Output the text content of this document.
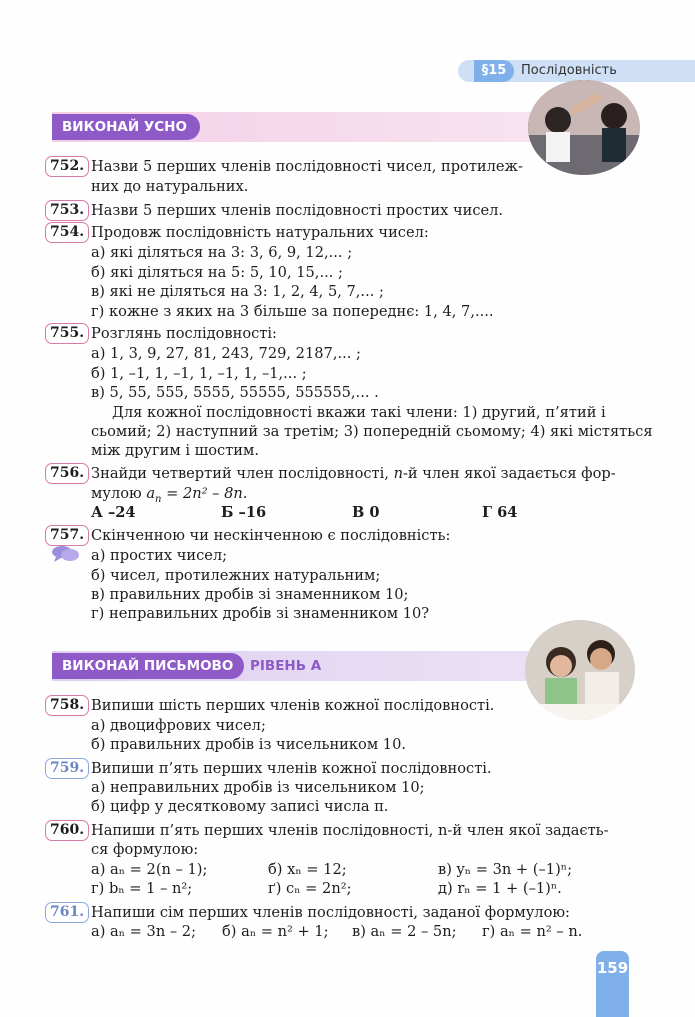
§15	Послідовність
ВИКОНАЙ УСНО
752. Назви 5 перших членів послідовності чисел, протилеж-
них до натуральних.
753. Назви 5 перших членів послідовності простих чисел.
754. Продовж послідовність натуральних чисел:
а) які діляться на 3: 3, 6, 9, 12,... ;
б) які діляться на 5: 5, 10, 15,... ;
в) які не діляться на 3: 1, 2, 4, 5, 7,... ;
г) кожне з яких на 3 більше за попереднє: 1, 4, 7,....
755. Розглянь послідовності:
а) 1, 3, 9, 27, 81, 243, 729, 2187,... ;
б) 1, –1, 1, –1, 1, –1, 1, –1,... ;
в) 5, 55, 555, 5555, 55555, 555555,... .
Для кожної послідовності вкажи такі члени: 1) другий, п’ятий і
сьомий; 2) наступний за третім; 3) попередній сьомому; 4) які містяться
між другим і шостим.
756. Знайди четвертий член послідовності, n-й член якої задається фор-
мулою $a_n = 2n^2 - 8n$.
А –24	Б –16	В 0	Г 64
757. Скінченною чи нескінченною є послідовність:
а) простих чисел;
б) чисел, протилежних натуральним;
в) правильних дробів зі знаменником 10;
г) неправильних дробів зі знаменником 10?
ВИКОНАЙ ПИСЬМОВО	РІВЕНЬ А
758. Випиши шість перших членів кожної послідовності.
а) двоцифрових чисел;
б) правильних дробів із чисельником 10.
759. Випиши п’ять перших членів кожної послідовності.
а) неправильних дробів із чисельником 10;
б) цифр у десятковому записі числа π.
760. Напиши п’ять перших членів послідовності, n-й член якої задаєть-
ся формулою:
а) aₙ = 2(n – 1);	б) xₙ = 12;	в) yₙ = 3n + (–1)ⁿ;
г) bₙ = 1 – n²;	ґ) cₙ = 2n²;	д) rₙ = 1 + (–1)ⁿ.
761. Напиши сім перших членів послідовності, заданої формулою:
а) aₙ = 3n – 2; б) aₙ = n² + 1; в) aₙ = 2 – 5n; г) aₙ = n² – n.
159
